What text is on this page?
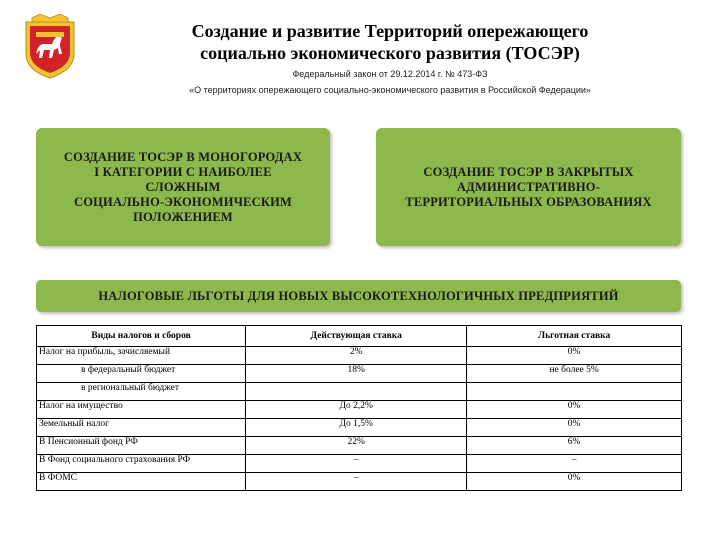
Создание и развитие Территорий опережающего
социально экономического развития (ТОСЭР)
Федеральный закон от 29.12.2014 г. № 473-ФЗ
«О территориях опережающего социально-экономического развития в Российской Федерации»
СОЗДАНИЕ ТОСЭР В МОНОГОРОДАХ
I КАТЕГОРИИ С НАИБОЛЕЕ
СЛОЖНЫМ
СОЦИАЛЬНО-ЭКОНОМИЧЕСКИМ
ПОЛОЖЕНИЕМ
СОЗДАНИЕ ТОСЭР В ЗАКРЫТЫХ
АДМИНИСТРАТИВНО-
ТЕРРИТОРИАЛЬНЫХ ОБРАЗОВАНИЯХ
НАЛОГОВЫЕ ЛЬГОТЫ ДЛЯ НОВЫХ ВЫСОКОТЕХНОЛОГИЧНЫХ ПРЕДПРИЯТИЙ
Виды налогов и сборов	Действующая ставка	Льготная ставка
Налог на прибыль, зачисляемый	2%	0%
в федеральный бюджет	18%	не более 5%
в региональный бюджет		
Налог на имущество	До 2,2%	0%
Земельный налог	До 1,5%	0%
В Пенсионный фонд РФ	22%	6%
В Фонд социального страхования РФ	–	–
В ФОМС	–	0%
